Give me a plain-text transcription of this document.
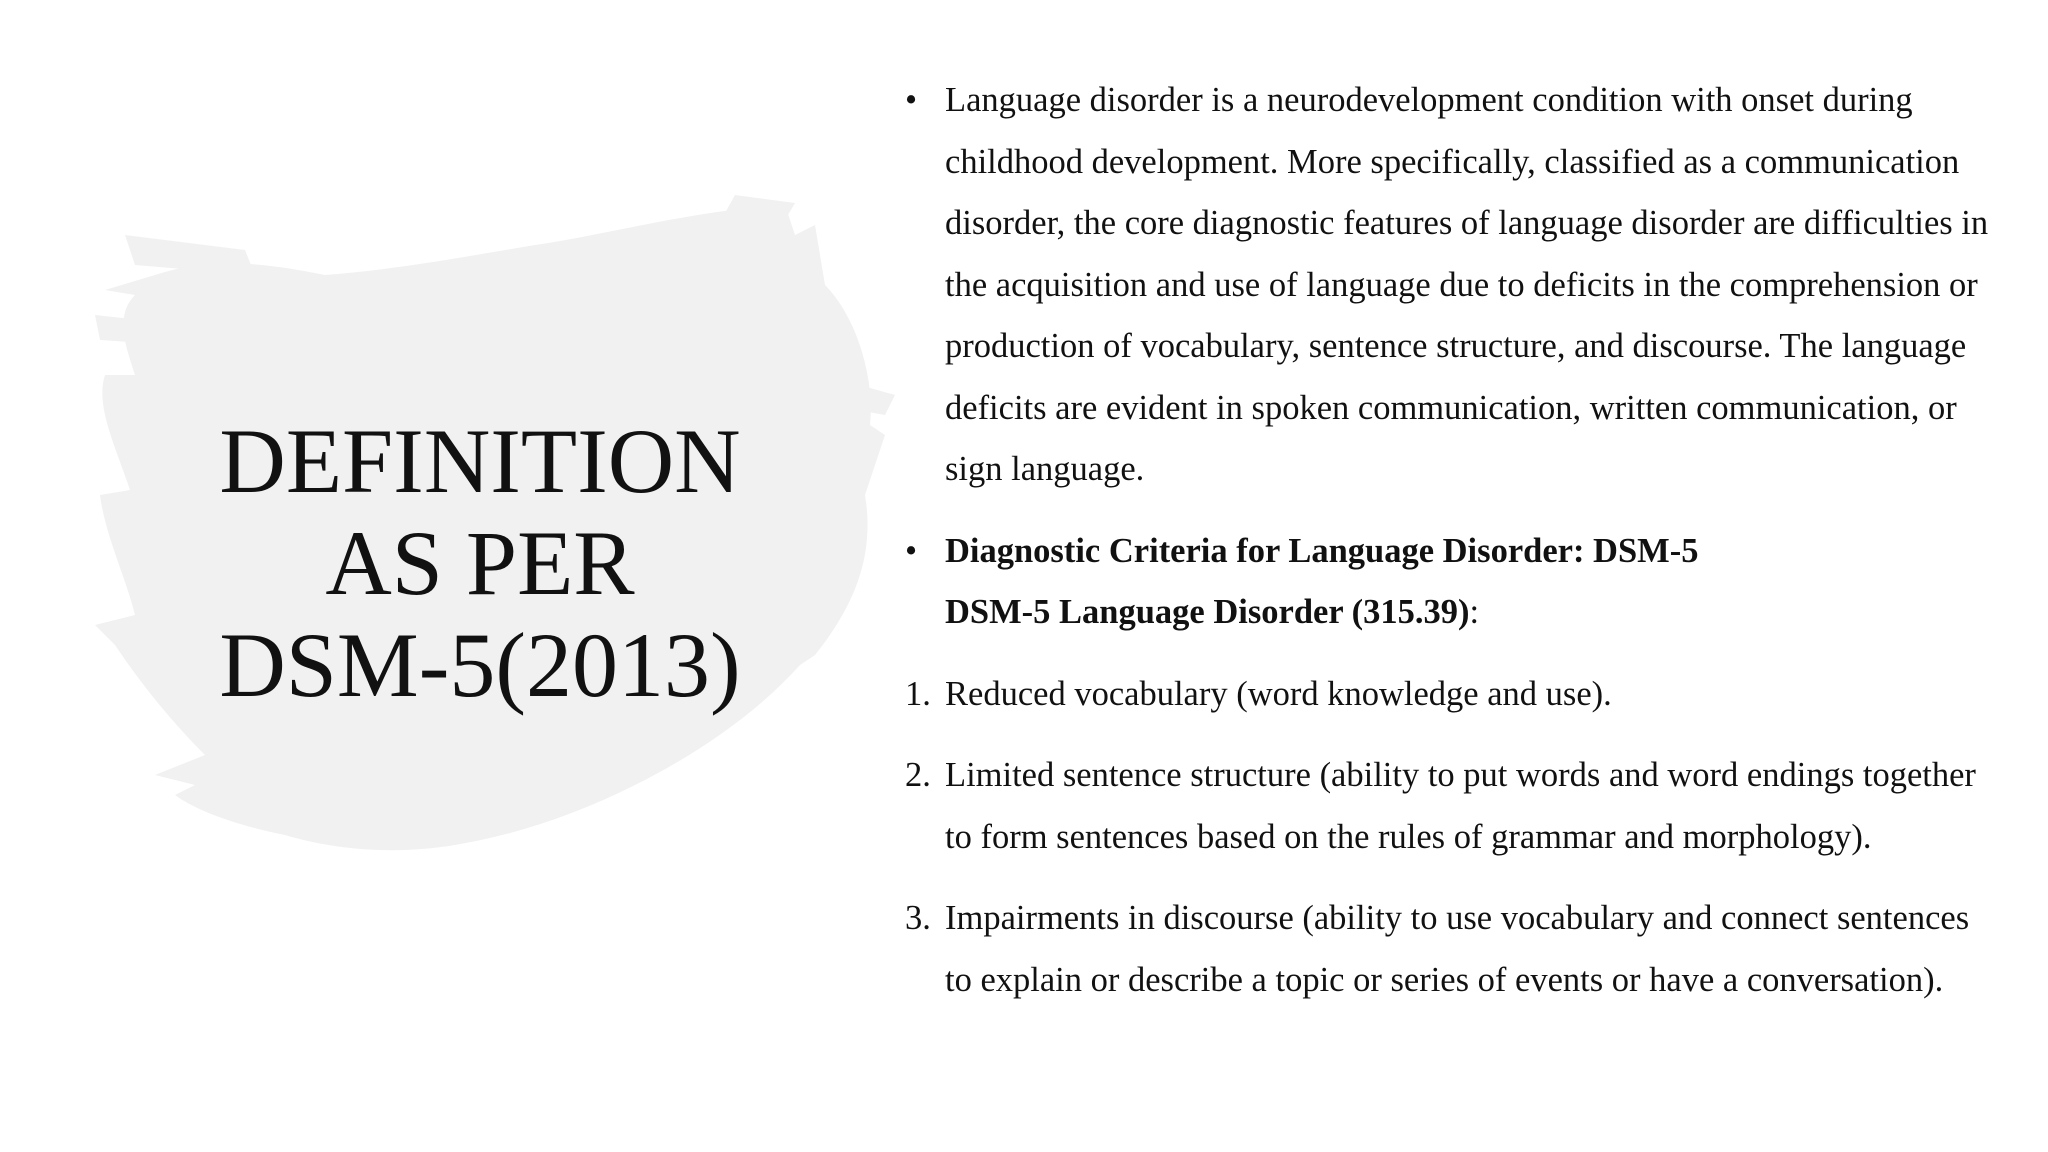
DEFINITION
AS PER
DSM-5(2013)
• Language disorder is a neurodevelopment condition with onset during childhood development. More specifically, classified as a communication disorder, the core diagnostic features of language disorder are difficulties in the acquisition and use of language due to deficits in the comprehension or production of vocabulary, sentence structure, and discourse. The language deficits are evident in spoken communication, written communication, or sign language.
• Diagnostic Criteria for Language Disorder: DSM-5
DSM-5 Language Disorder (315.39):
1. Reduced vocabulary (word knowledge and use).
2. Limited sentence structure (ability to put words and word endings together to form sentences based on the rules of grammar and morphology).
3. Impairments in discourse (ability to use vocabulary and connect sentences to explain or describe a topic or series of events or have a conversation).
